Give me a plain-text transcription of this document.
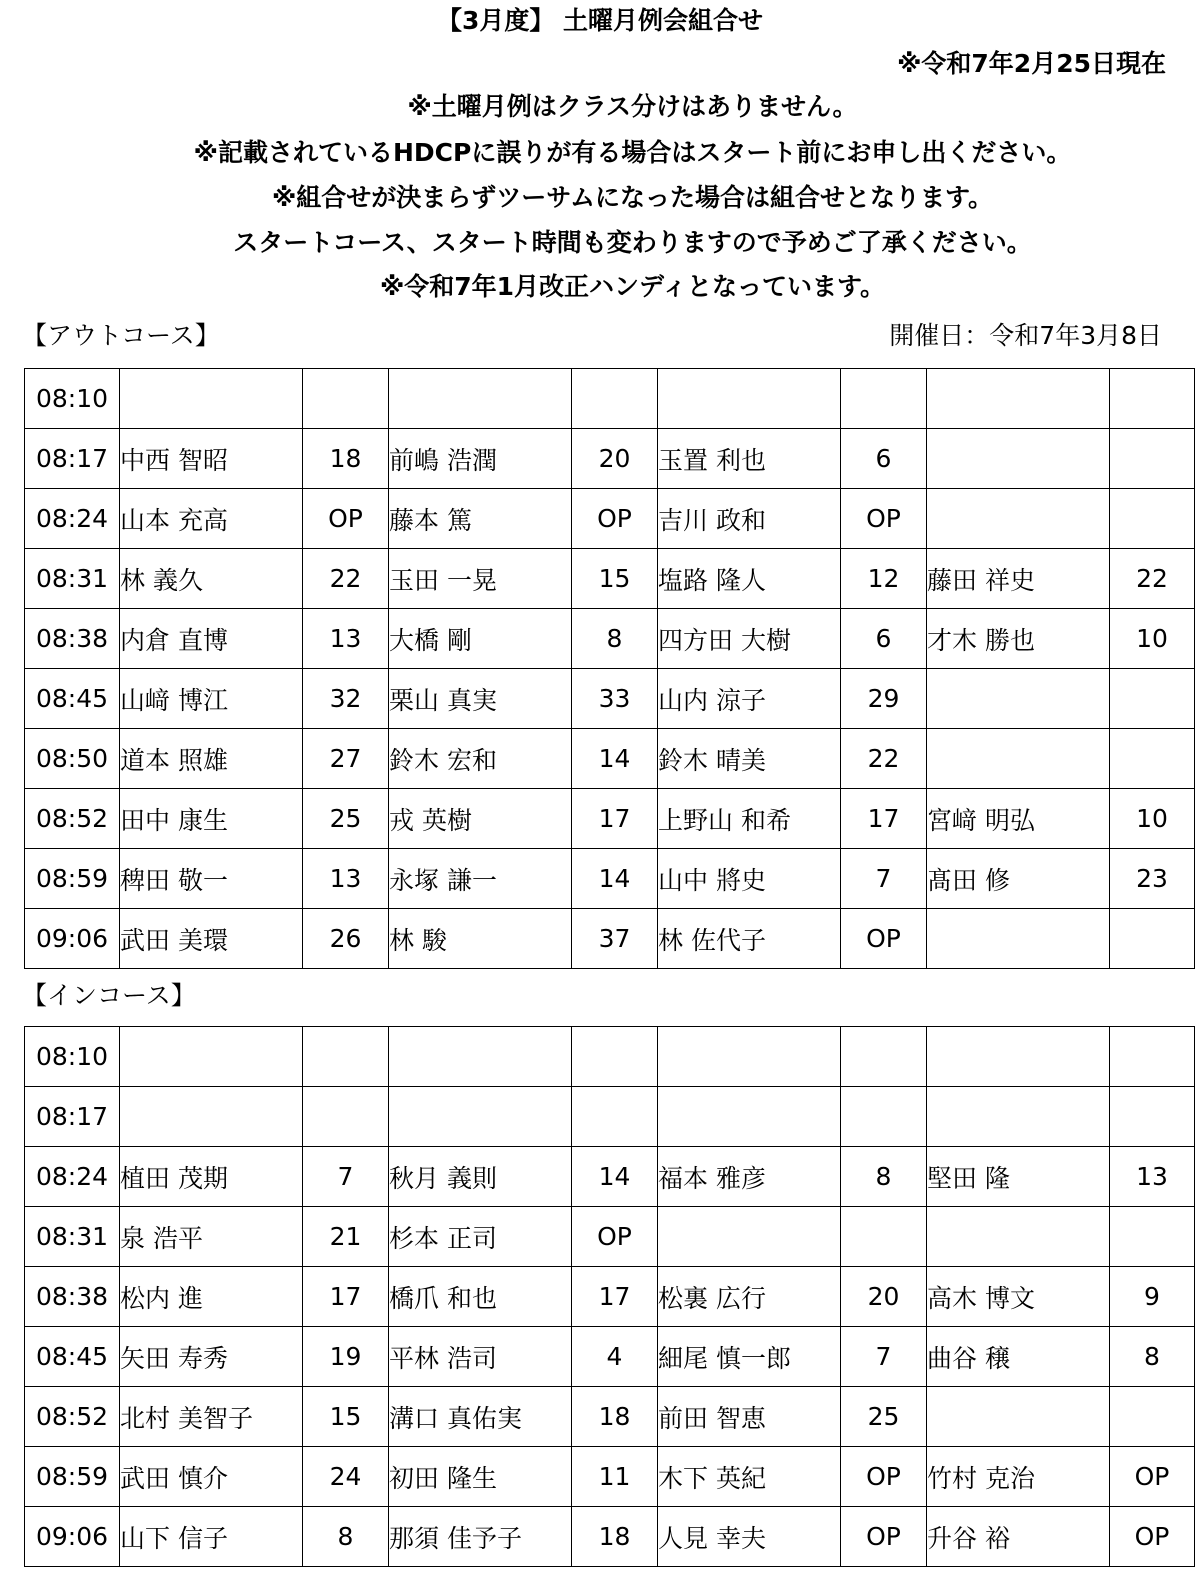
【3月度】 土曜月例会組合せ
※令和7年2月25日現在
※土曜月例はクラス分けはありません。
※記載されているHDCPに誤りが有る場合はスタート前にお申し出ください。
※組合せが決まらずツーサムになった場合は組合せとなります。
スタートコース、スタート時間も変わりますので予めご了承ください。
※令和7年1月改正ハンディとなっています。
【アウトコース】	開催日：令和7年3月8日
08:10								
08:17	中西 智昭	18	前嶋 浩潤	20	玉置 利也	6		
08:24	山本 充高	OP	藤本 篤	OP	吉川 政和	OP		
08:31	林 義久	22	玉田 一晃	15	塩路 隆人	12	藤田 祥史	22
08:38	内倉 直博	13	大橋 剛	8	四方田 大樹	6	才木 勝也	10
08:45	山﨑 博江	32	栗山 真実	33	山内 涼子	29		
08:50	道本 照雄	27	鈴木 宏和	14	鈴木 晴美	22		
08:52	田中 康生	25	戎 英樹	17	上野山 和希	17	宮﨑 明弘	10
08:59	稗田 敬一	13	永塚 謙一	14	山中 將史	7	髙田 修	23
09:06	武田 美環	26	林 駿	37	林 佐代子	OP		
【インコース】
08:10								
08:17								
08:24	植田 茂期	7	秋月 義則	14	福本 雅彦	8	堅田 隆	13
08:31	泉 浩平	21	杉本 正司	OP				
08:38	松内 進	17	橋爪 和也	17	松裏 広行	20	高木 博文	9
08:45	矢田 寿秀	19	平林 浩司	4	細尾 慎一郎	7	曲谷 穣	8
08:52	北村 美智子	15	溝口 真佑実	18	前田 智恵	25		
08:59	武田 慎介	24	初田 隆生	11	木下 英紀	OP	竹村 克治	OP
09:06	山下 信子	8	那須 佳予子	18	人見 幸夫	OP	升谷 裕	OP
